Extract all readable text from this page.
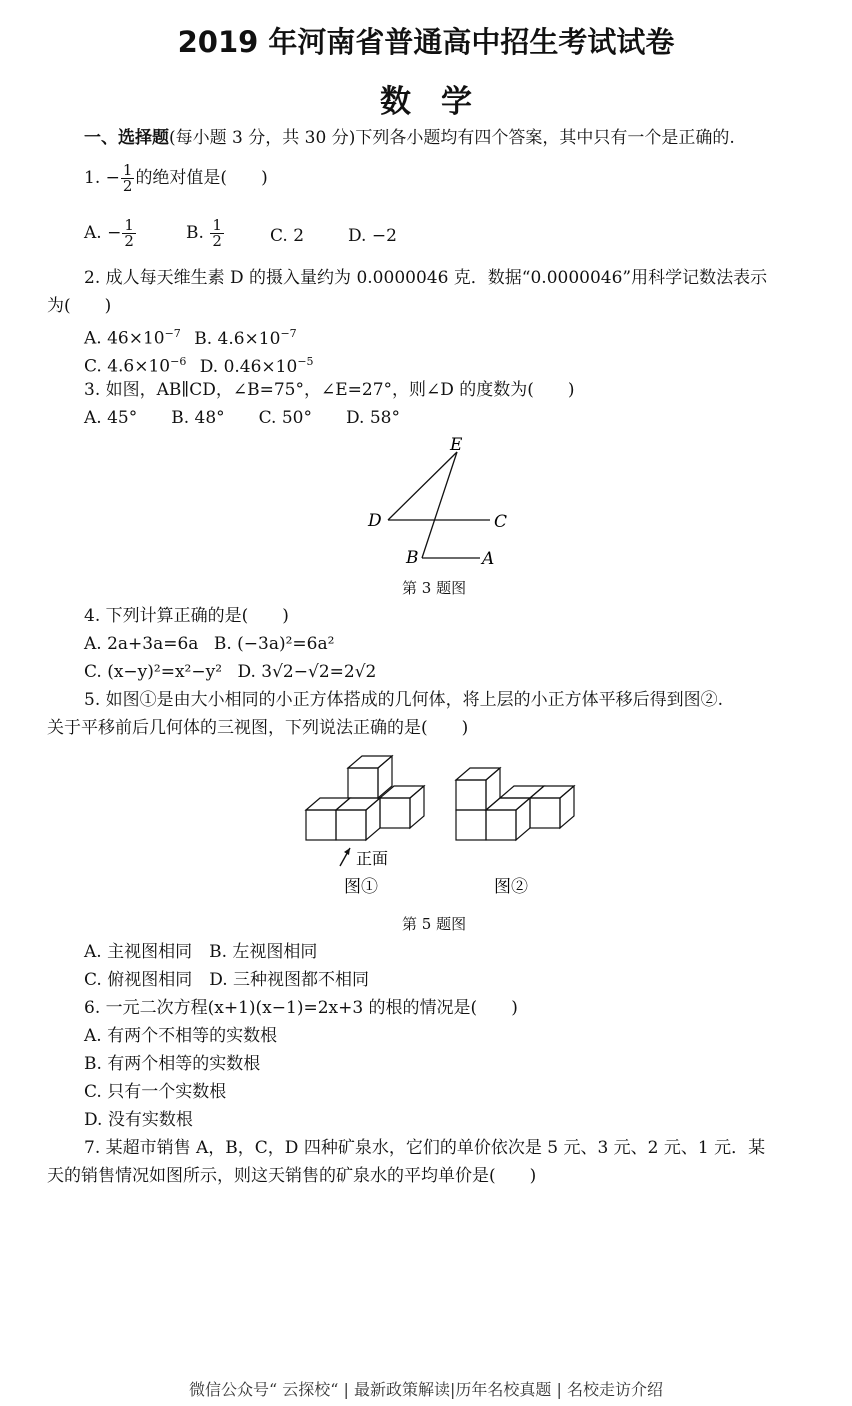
2019 年河南省普通高中招生考试试卷
数学
一、选择题(每小题 3 分，共 30 分)下列各小题均有四个答案，其中只有一个是正确的.
1. − $\frac{1}{2}$ 的绝对值是(　　)
A. − $\frac{1}{2}$	B. $\frac{1}{2}$	C. 2	D. −2
2. 成人每天维生素 D 的摄入量约为 0.0000046 克．数据“0.0000046”用科学记数法表示
为(　　)
A. $46\times 10^{-7}$ B. $4.6\times 10^{-7}$
C. $4.6\times 10^{-6}$ D. $0.46\times 10^{-5}$
3. 如图，AB∥CD，∠B=75°，∠E=27°，则∠D 的度数为(　　)
A. 45°　　B. 48°　　C. 50°　　D. 58°
E
D	C
B	A
第 3 题图
4. 下列计算正确的是(　　)
A. 2a+3a=6a B. (−3a)²=6a²
C. (x−y)²=x²−y² D. 3√2−√2=2√2
5. 如图①是由大小相同的小正方体搭成的几何体，将上层的小正方体平移后得到图②.
关于平移前后几何体的三视图，下列说法正确的是(　　)
正面
图①	图②
第 5 题图
A. 主视图相同　B. 左视图相同
C. 俯视图相同　D. 三种视图都不相同
6. 一元二次方程(x+1)(x−1)=2x+3 的根的情况是(　　)
A. 有两个不相等的实数根
B. 有两个相等的实数根
C. 只有一个实数根
D. 没有实数根
7. 某超市销售 A，B，C，D 四种矿泉水，它们的单价依次是 5 元、3 元、2 元、1 元．某
天的销售情况如图所示，则这天销售的矿泉水的平均单价是(　　)
微信公众号“ 云探校“ | 最新政策解读|历年名校真题 | 名校走访介绍
